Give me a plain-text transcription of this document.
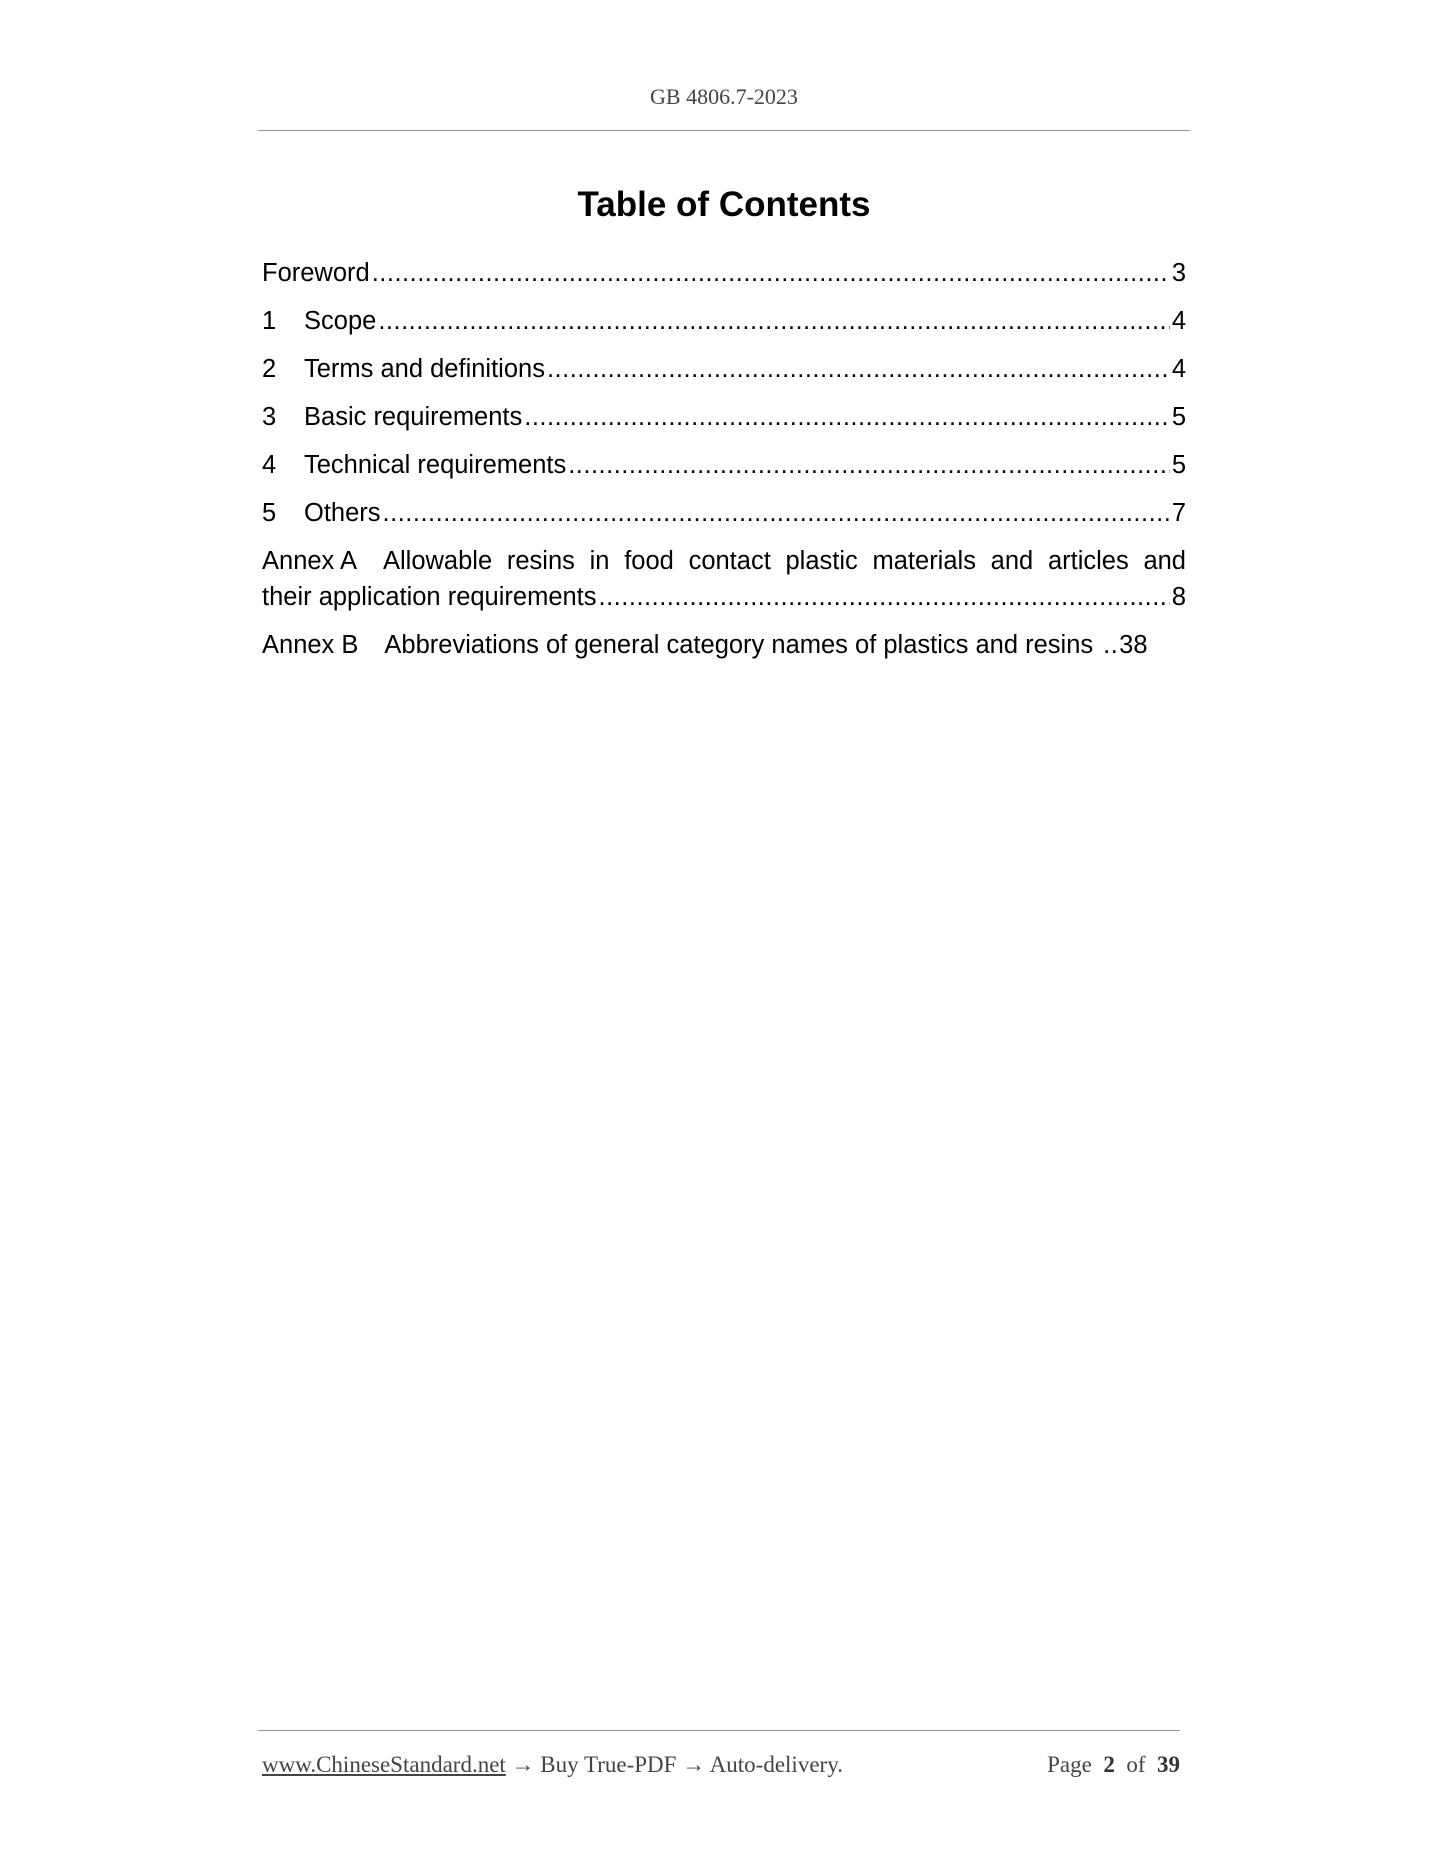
GB 4806.7-2023
Table of Contents
Foreword .....	3
1	Scope .....	4
2	Terms and definitions .....	4
3	Basic requirements .....	5
4	Technical requirements .....	5
5	Others .....	7
Annex A Allowable resins in food contact plastic materials and articles and
their application requirements .....	8
Annex B Abbreviations of general category names of plastics and resins .. 38
www.ChineseStandard.net → Buy True-PDF → Auto-delivery.	Page 2 of 39
